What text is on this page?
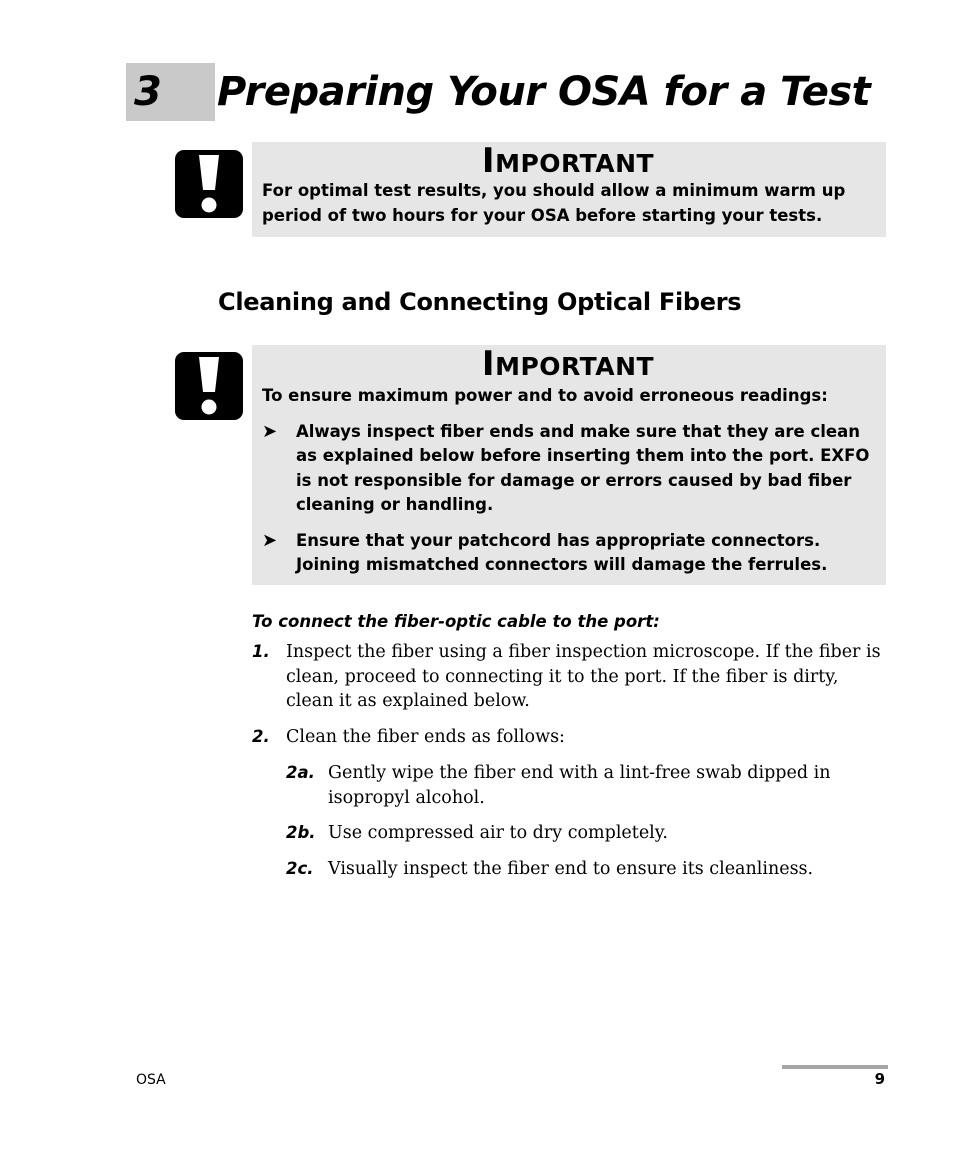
3 Preparing Your OSA for a Test
IMPORTANT
For optimal test results, you should allow a minimum warm up period of two hours for your OSA before starting your tests.
Cleaning and Connecting Optical Fibers
IMPORTANT
To ensure maximum power and to avoid erroneous readings:
➤	Always inspect fiber ends and make sure that they are clean as explained below before inserting them into the port. EXFO is not responsible for damage or errors caused by bad fiber cleaning or handling.
➤	Ensure that your patchcord has appropriate connectors. Joining mismatched connectors will damage the ferrules.
To connect the fiber-optic cable to the port:
1. Inspect the fiber using a fiber inspection microscope. If the fiber is clean, proceed to connecting it to the port. If the fiber is dirty, clean it as explained below.
2. Clean the fiber ends as follows:
2a. Gently wipe the fiber end with a lint-free swab dipped in isopropyl alcohol.
2b. Use compressed air to dry completely.
2c. Visually inspect the fiber end to ensure its cleanliness.
OSA	9
